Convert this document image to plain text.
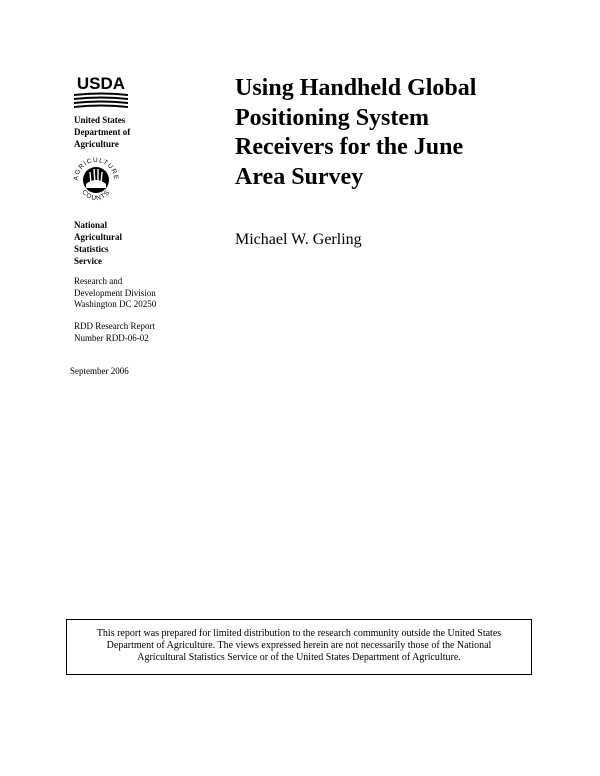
USDA
United States
Department of
Agriculture
AGRICULTURE
COUNTS
National
Agricultural
Statistics
Service
Research and
Development Division
Washington DC 20250
RDD Research Report
Number RDD-06-02
September 2006
Using Handheld Global
Positioning System
Receivers for the June
Area Survey
Michael W. Gerling
This report was prepared for limited distribution to the research community outside the United States
Department of Agriculture. The views expressed herein are not necessarily those of the National
Agricultural Statistics Service or of the United States Department of Agriculture.
